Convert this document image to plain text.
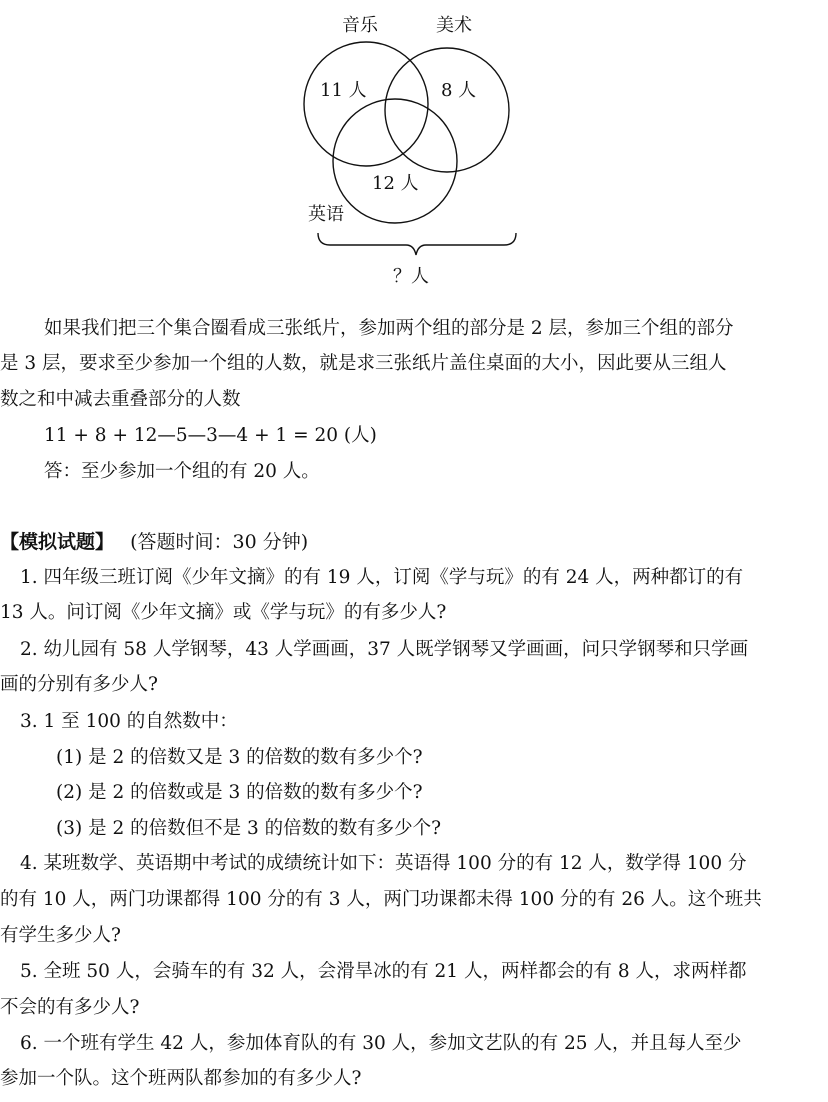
音乐	美术
英语
11 人	8 人
12 人
？人
如果我们把三个集合圈看成三张纸片，参加两个组的部分是 2 层，参加三个组的部分
是 3 层，要求至少参加一个组的人数，就是求三张纸片盖住桌面的大小，因此要从三组人
数之和中减去重叠部分的人数
11 + 8 + 12—5—3—4 + 1 = 20 (人)
答：至少参加一个组的有 20 人。
【模拟试题】 (答题时间：30 分钟)
1. 四年级三班订阅《少年文摘》的有 19 人，订阅《学与玩》的有 24 人，两种都订的有
13 人。问订阅《少年文摘》或《学与玩》的有多少人?
2. 幼儿园有 58 人学钢琴，43 人学画画，37 人既学钢琴又学画画，问只学钢琴和只学画
画的分别有多少人?
3. 1 至 100 的自然数中：
(1) 是 2 的倍数又是 3 的倍数的数有多少个?
(2) 是 2 的倍数或是 3 的倍数的数有多少个?
(3) 是 2 的倍数但不是 3 的倍数的数有多少个?
4. 某班数学、英语期中考试的成绩统计如下：英语得 100 分的有 12 人，数学得 100 分
的有 10 人，两门功课都得 100 分的有 3 人，两门功课都未得 100 分的有 26 人。这个班共
有学生多少人?
5. 全班 50 人，会骑车的有 32 人，会滑旱冰的有 21 人，两样都会的有 8 人，求两样都
不会的有多少人?
6. 一个班有学生 42 人，参加体育队的有 30 人，参加文艺队的有 25 人，并且每人至少
参加一个队。这个班两队都参加的有多少人?
